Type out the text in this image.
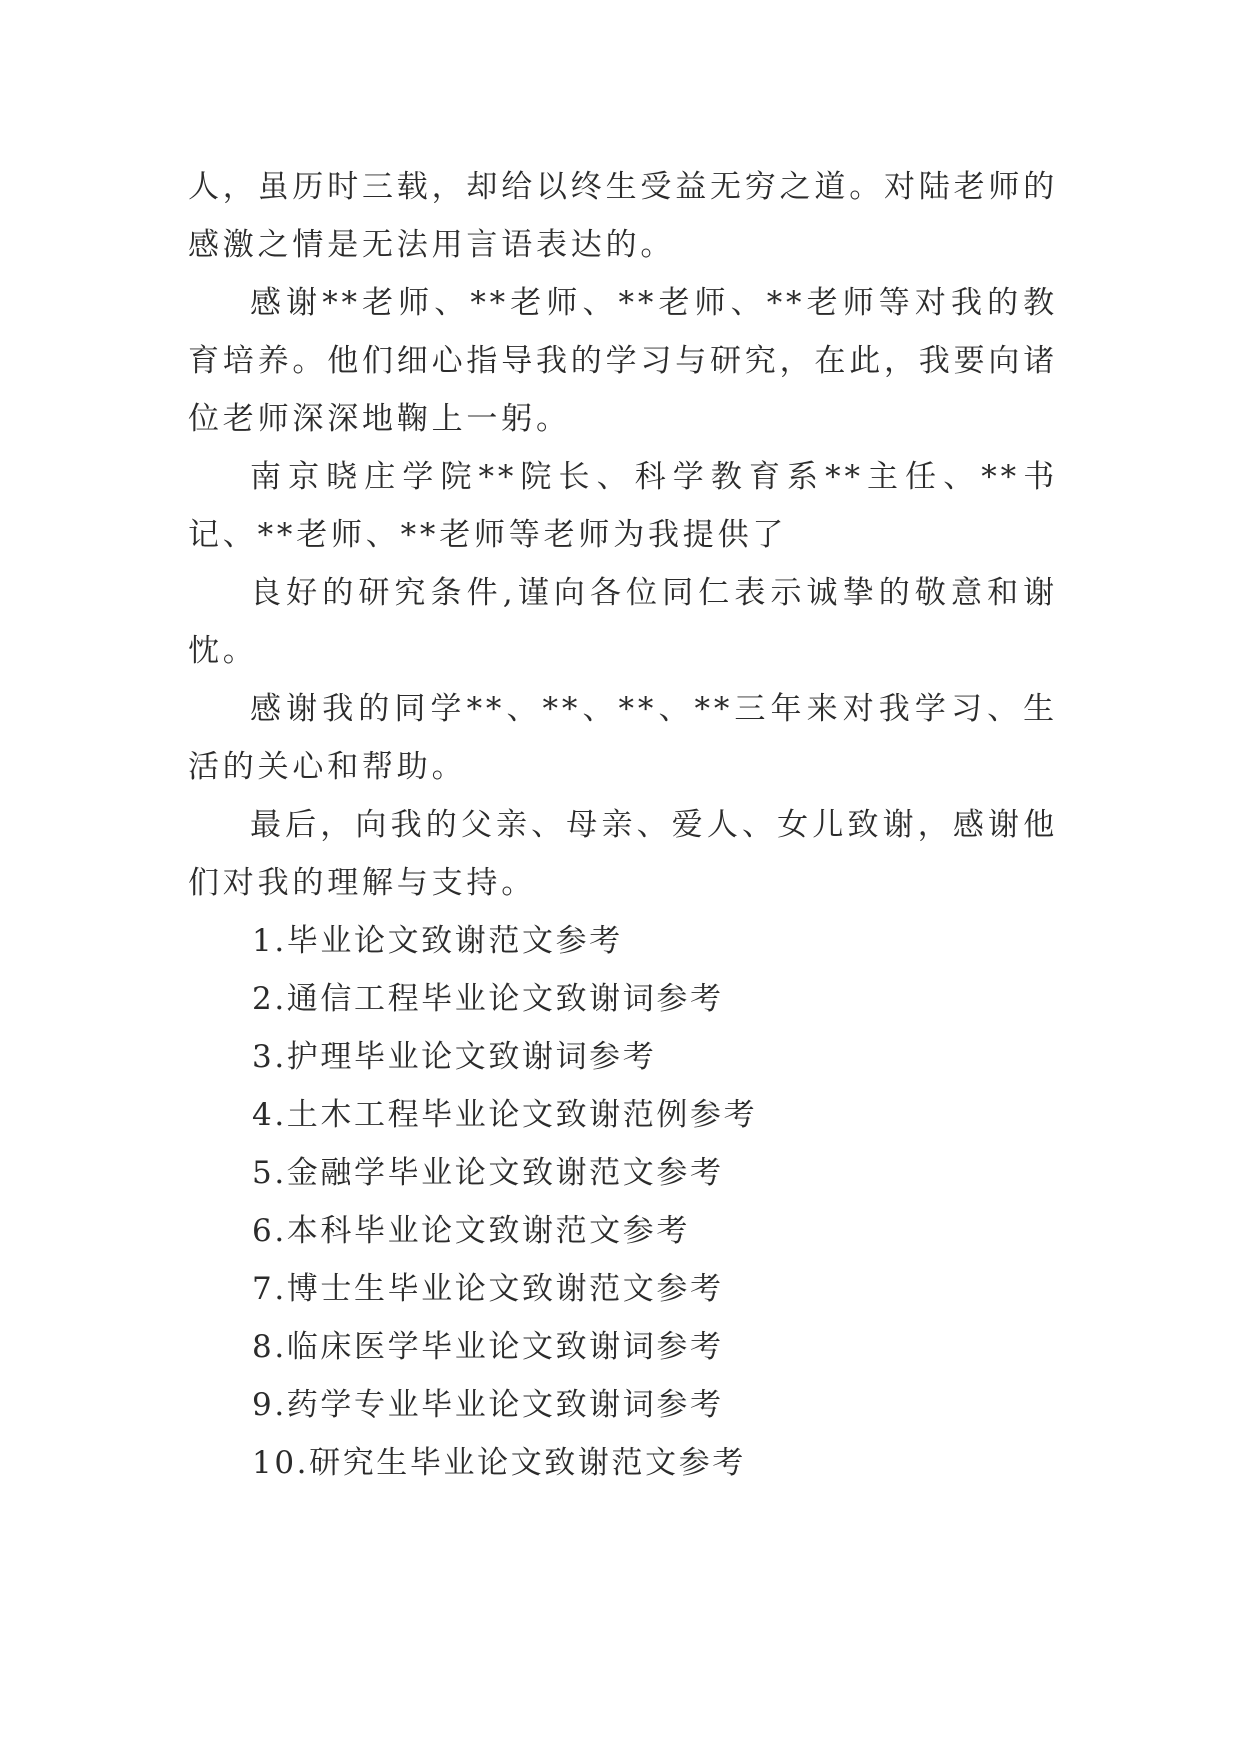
人，虽历时三载，却给以终生受益无穷之道。对陆老师的感激之情是无法用言语表达的。

感谢**老师、**老师、**老师、**老师等对我的教育培养。他们细心指导我的学习与研究，在此，我要向诸位老师深深地鞠上一躬。

南京晓庄学院**院长、科学教育系**主任、**书记、**老师、**老师等老师为我提供了

良好的研究条件,谨向各位同仁表示诚挚的敬意和谢忱。

感谢我的同学**、**、**、**三年来对我学习、生活的关心和帮助。

最后，向我的父亲、母亲、爱人、女儿致谢，感谢他们对我的理解与支持。

1.毕业论文致谢范文参考
2.通信工程毕业论文致谢词参考
3.护理毕业论文致谢词参考
4.土木工程毕业论文致谢范例参考
5.金融学毕业论文致谢范文参考
6.本科毕业论文致谢范文参考
7.博士生毕业论文致谢范文参考
8.临床医学毕业论文致谢词参考
9.药学专业毕业论文致谢词参考
10.研究生毕业论文致谢范文参考
